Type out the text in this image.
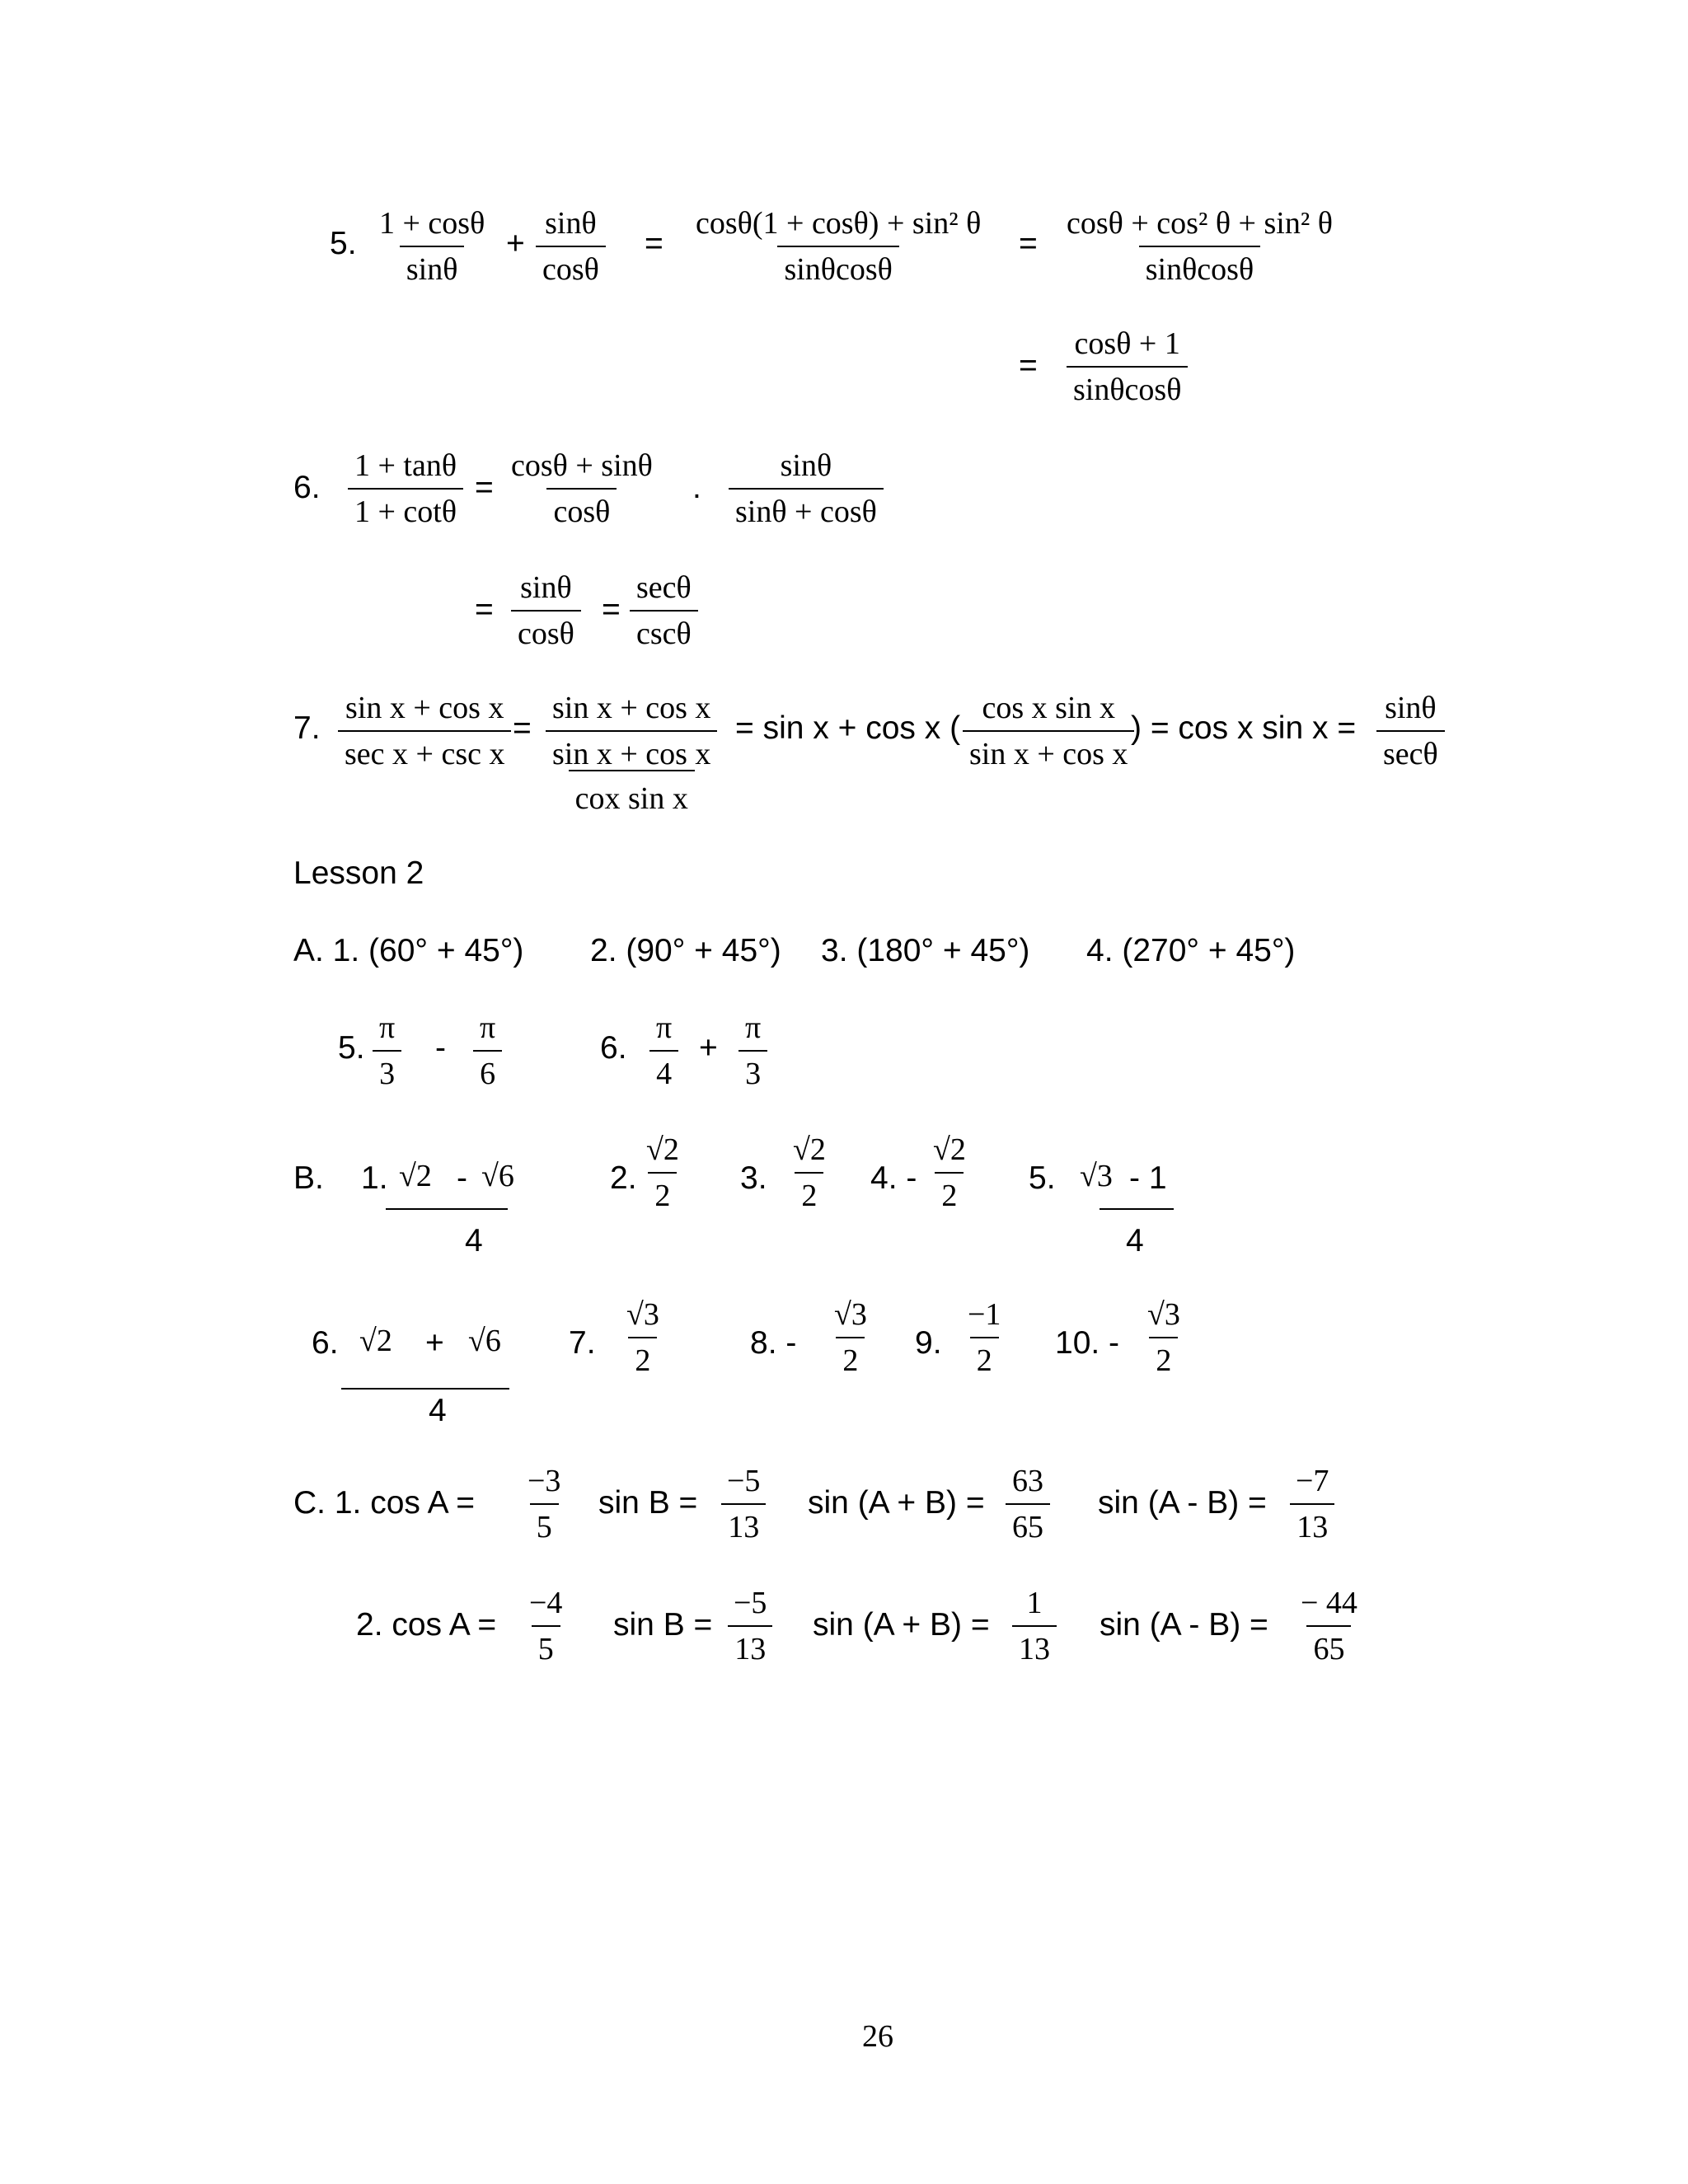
5. $\frac{1 + \cos\theta}{\sin\theta} + \frac{\sin\theta}{\cos\theta} = \frac{\text{cosθ(1 + cosθ) + sin² θ}}{\sin\theta\cos\theta} = \frac{\text{cosθ + cos² θ + sin² θ}}{\sin\theta\cos\theta}$
= $\frac{\cos\theta + 1}{\sin\theta\cos\theta}$
6. $\frac{1 + \tan\theta}{1 + \cot\theta} = \frac{\cos\theta + \sin\theta}{\cos\theta}$ . $\frac{\sin\theta}{\sin\theta + \cos\theta}$
= $\frac{\sin\theta}{\cos\theta}$ =
secθ
cscθ
7.
sin x + cos x
sec x + csc x
=
sin x + cos x
sin x + cos x
cox sin x
= sin x + cos x ( $\frac{\text{cos x sin x}}{\text{sin x + cos x}}$
) = cos x sin x =
sinθ
secθ
Lesson 2
A. 1. (60° + 45°) 2. (90° + 45°) 3. (180° + 45°) 4. (270° + 45°)
5. $\frac{\pi}{3} - \frac{\pi}{6}$	6. $\frac{\pi}{4} + \frac{\pi}{3}$
B. 1. √2 - √6
4
2. $\frac{√2}{2} 3$. $\frac{√2}{2} 4$. - $\frac{√2}{2} 5$. √3 - 1
4
6. √2 + √6
4
7. $\frac{√3}{2}$	8. - $\frac{√3}{2} 9$. $\frac{-1}{2} 10$. - $\frac{√3}{2}$
C. 1. $\cos A = \frac{-3}{5}$ $\sin B = \frac{-5}{13}$ $\sin (A + B) = \frac{63}{65}$ $\sin (A - B) = \frac{-7}{13}$
2. $\cos A = \frac{-4}{5}$ $\sin B = \frac{-5}{13}$ $\sin (A + B) = \frac{1}{13}$ $\sin (A - B) = \frac{- 44}{65}$
26
